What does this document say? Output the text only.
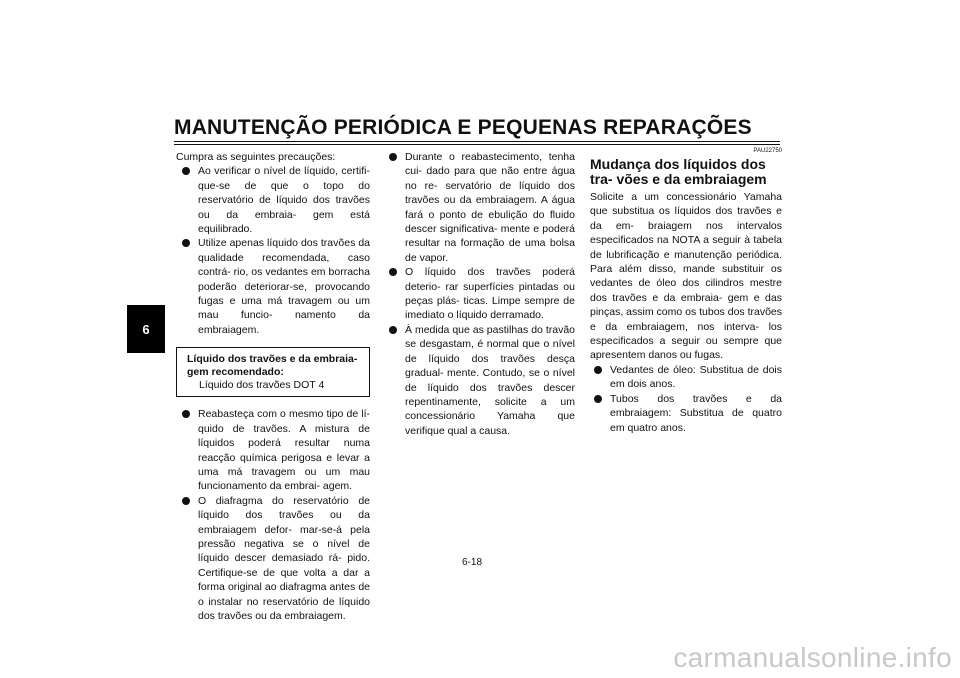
MANUTENÇÃO PERIÓDICA E PEQUENAS REPARAÇÕES
6

Cumpra as seguintes precauções:

Ao verificar o nível de líquido, certifi- que-se de que o topo do reservatório de líquido dos travões ou da embraia- gem está equilibrado.
Utilize apenas líquido dos travões da qualidade recomendada, caso contrá- rio, os vedantes em borracha poderão deteriorar-se, provocando fugas e uma má travagem ou um mau funcio- namento da embraiagem.
Líquido dos travões e da embraia- gem recomendado:
Líquido dos travões DOT 4
Reabasteça com o mesmo tipo de lí- quido de travões. A mistura de líquidos poderá resultar numa reacção química perigosa e levar a uma má travagem ou um mau funcionamento da embrai- agem.
O diafragma do reservatório de líquido dos travões ou da embraiagem defor- mar-se-á pela pressão negativa se o nível de líquido descer demasiado rá- pido. Certifique-se de que volta a dar a forma original ao diafragma antes de o instalar no reservatório de líquido dos travões ou da embraiagem.
Durante o reabastecimento, tenha cui- dado para que não entre água no re- servatório de líquido dos travões ou da embraiagem. A água fará o ponto de ebulição do fluido descer significativa- mente e poderá resultar na formação de uma bolsa de vapor.
O líquido dos travões poderá deterio- rar superfícies pintadas ou peças plás- ticas. Limpe sempre de imediato o líquido derramado.
À medida que as pastilhas do travão se desgastam, é normal que o nível de líquido dos travões desça gradual- mente. Contudo, se o nível de líquido dos travões descer repentinamente, solicite a um concessionário Yamaha que verifique qual a causa.
PAU22750
Mudança dos líquidos dos tra- vões e da embraiagem

Solicite a um concessionário Yamaha que substitua os líquidos dos travões e da em- braiagem nos intervalos especificados na NOTA a seguir à tabela de lubrificação e manutenção periódica. Para além disso, mande substituir os vedantes de óleo dos cilindros mestre dos travões e da embraia- gem e das pinças, assim como os tubos dos travões e da embraiagem, nos interva- los especificados a seguir ou sempre que apresentem danos ou fugas.

Vedantes de óleo: Substitua de dois em dois anos.
Tubos dos travões e da embraiagem: Substitua de quatro em quatro anos.
6-18
carmanualsonline.info
